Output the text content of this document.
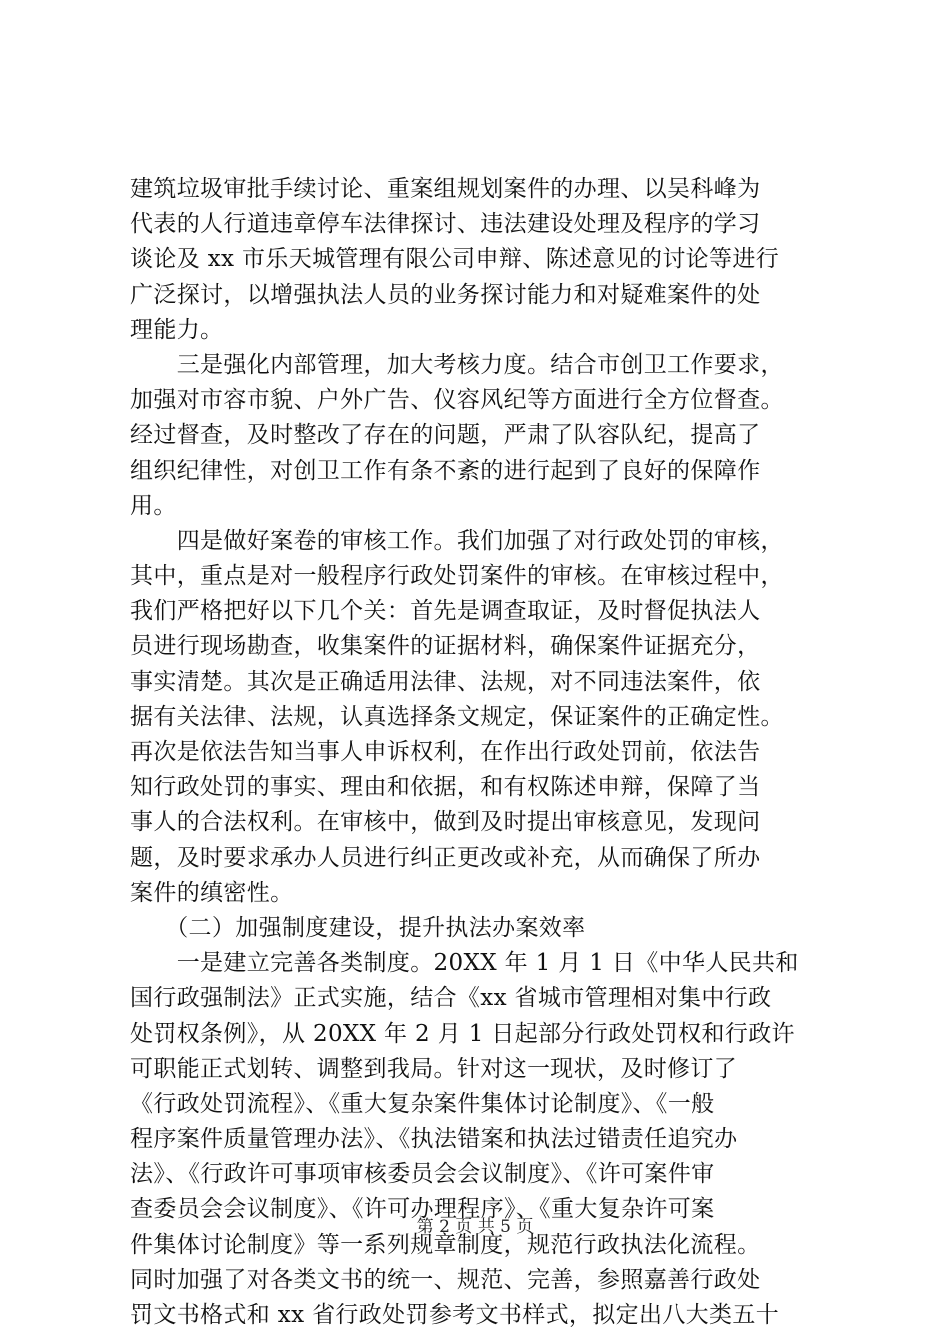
建筑垃圾审批手续讨论、重案组规划案件的办理、以吴科峰为
代表的人行道违章停车法律探讨、违法建设处理及程序的学习
谈论及 xx 市乐天城管理有限公司申辩、陈述意见的讨论等进行
广泛探讨，以增强执法人员的业务探讨能力和对疑难案件的处
理能力。
　　三是强化内部管理，加大考核力度。结合市创卫工作要求，
加强对市容市貌、户外广告、仪容风纪等方面进行全方位督查。
经过督查，及时整改了存在的问题，严肃了队容队纪，提高了
组织纪律性，对创卫工作有条不紊的进行起到了良好的保障作
用。
　　四是做好案卷的审核工作。我们加强了对行政处罚的审核，
其中，重点是对一般程序行政处罚案件的审核。在审核过程中，
我们严格把好以下几个关：首先是调查取证，及时督促执法人
员进行现场勘查，收集案件的证据材料，确保案件证据充分，
事实清楚。其次是正确适用法律、法规，对不同违法案件，依
据有关法律、法规，认真选择条文规定，保证案件的正确定性。
再次是依法告知当事人申诉权利，在作出行政处罚前，依法告
知行政处罚的事实、理由和依据，和有权陈述申辩，保障了当
事人的合法权利。在审核中，做到及时提出审核意见，发现问
题，及时要求承办人员进行纠正更改或补充，从而确保了所办
案件的缜密性。
　　（二）加强制度建设，提升执法办案效率
　　一是建立完善各类制度。20XX 年 1 月 1 日《中华人民共和
国行政强制法》正式实施，结合《xx 省城市管理相对集中行政
处罚权条例》，从 20XX 年 2 月 1 日起部分行政处罚权和行政许
可职能正式划转、调整到我局。针对这一现状，及时修订了
《行政处罚流程》、《重大复杂案件集体讨论制度》、《一般
程序案件质量管理办法》、《执法错案和执法过错责任追究办
法》、《行政许可事项审核委员会会议制度》、《许可案件审
查委员会会议制度》、《许可办理程序》、《重大复杂许可案
件集体讨论制度》等一系列规章制度，规范行政执法化流程。
同时加强了对各类文书的统一、规范、完善，参照嘉善行政处
罚文书格式和 xx 省行政处罚参考文书样式，拟定出八大类五十
第 2 页 共 5 页
